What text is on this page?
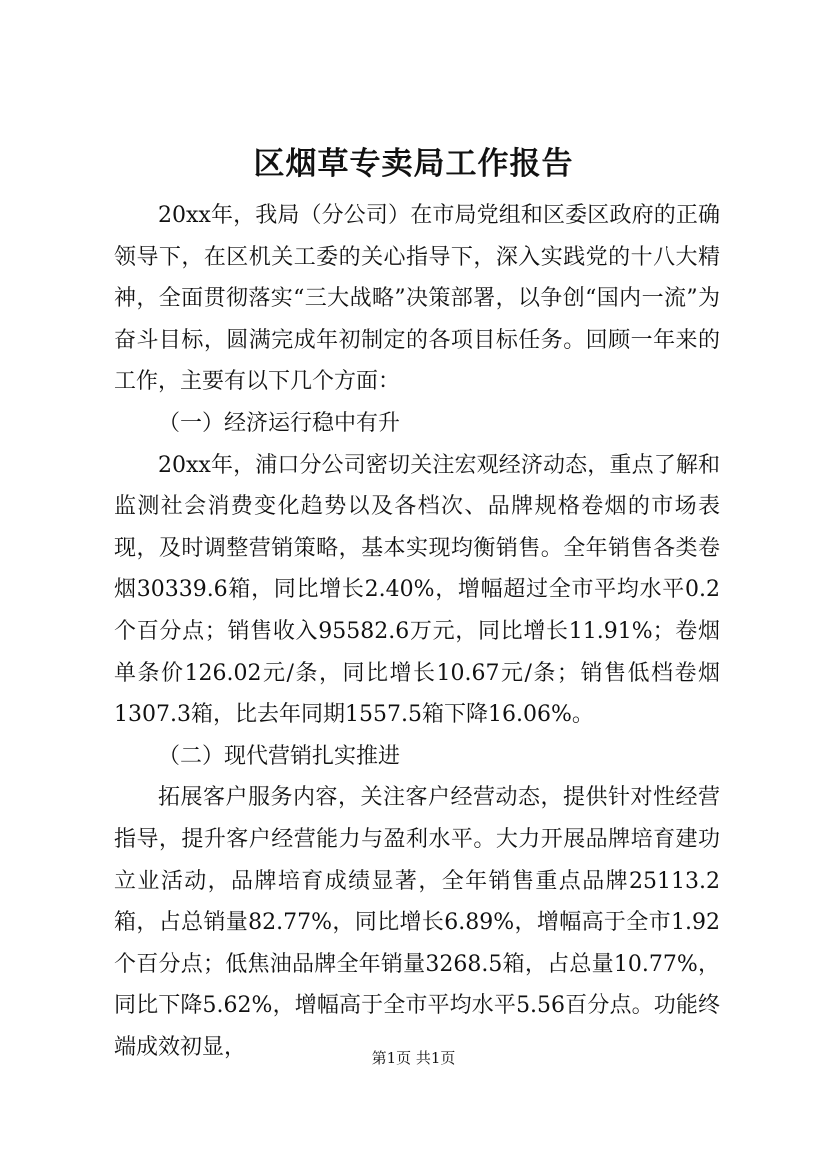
区烟草专卖局工作报告

20xx年，我局（分公司）在市局党组和区委区政府的正确领导下，在区机关工委的关心指导下，深入实践党的十八大精神，全面贯彻落实“三大战略”决策部署，以争创“国内一流”为奋斗目标，圆满完成年初制定的各项目标任务。回顾一年来的工作，主要有以下几个方面：

（一）经济运行稳中有升

20xx年，浦口分公司密切关注宏观经济动态，重点了解和监测社会消费变化趋势以及各档次、品牌规格卷烟的市场表现，及时调整营销策略，基本实现均衡销售。全年销售各类卷烟30339.6箱，同比增长2.40%，增幅超过全市平均水平0.2个百分点；销售收入95582.6万元，同比增长11.91%；卷烟单条价126.02元/条，同比增长10.67元/条；销售低档卷烟1307.3箱，比去年同期1557.5箱下降16.06%。

（二）现代营销扎实推进

拓展客户服务内容，关注客户经营动态，提供针对性经营指导，提升客户经营能力与盈利水平。大力开展品牌培育建功立业活动，品牌培育成绩显著，全年销售重点品牌25113.2箱，占总销量82.77%，同比增长6.89%，增幅高于全市1.92个百分点；低焦油品牌全年销量3268.5箱，占总量10.77%，同比下降5.62%，增幅高于全市平均水平5.56百分点。功能终端成效初显，	第1页 共1页
